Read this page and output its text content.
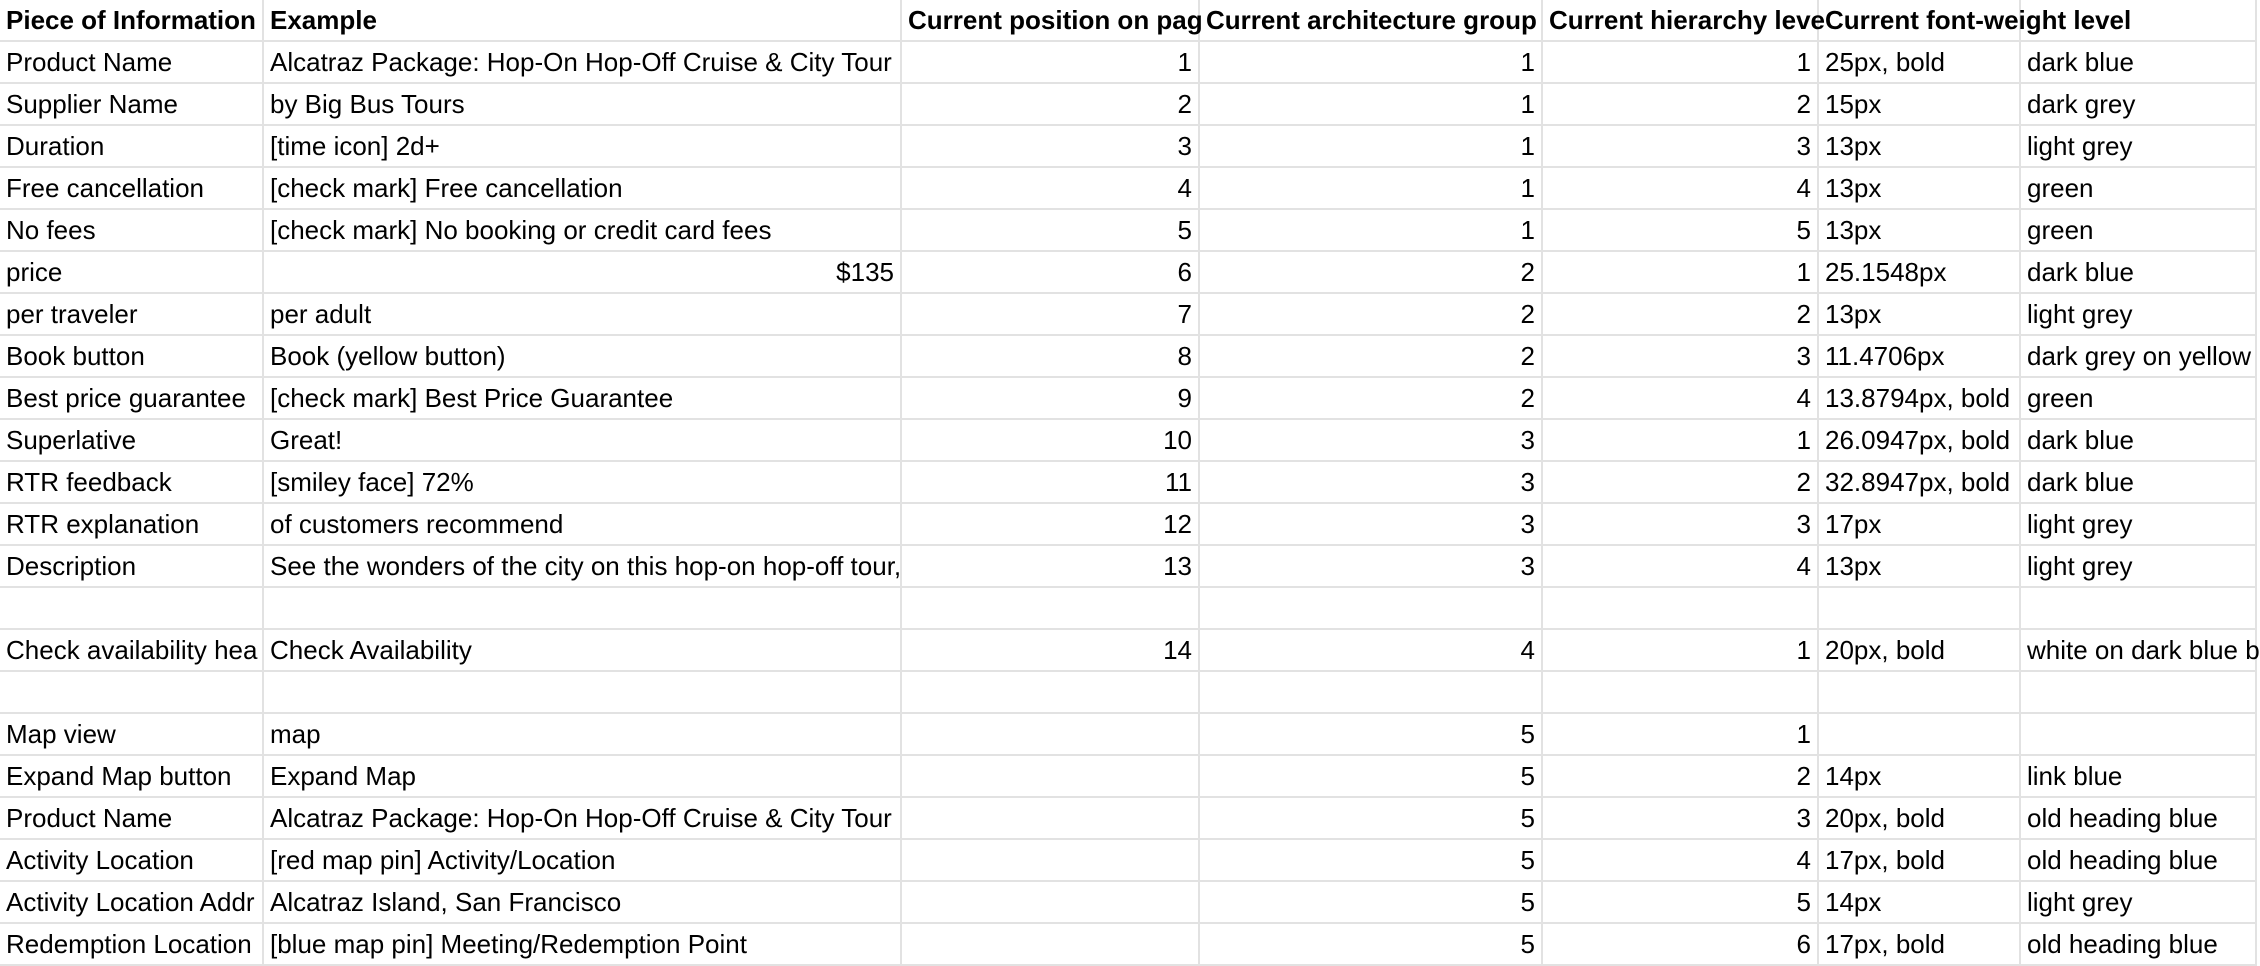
Piece of Information	Example	Current position on pag	Current architecture group	Current hierarchy leve	Current font-weight level		
Product Name	Alcatraz Package: Hop-On Hop-Off Cruise & City Tour	1	1	1	25px, bold	dark blue	
Supplier Name	by Big Bus Tours	2	1	2	15px	dark grey	
Duration	[time icon] 2d+	3	1	3	13px	light grey	
Free cancellation	[check mark] Free cancellation	4	1	4	13px	green	
No fees	[check mark] No booking or credit card fees	5	1	5	13px	green	
price	$135	6	2	1	25.1548px	dark blue	
per traveler	per adult	7	2	2	13px	light grey	
Book button	Book (yellow button)	8	2	3	11.4706px	dark grey on yellow	
Best price guarantee	[check mark] Best Price Guarantee	9	2	4	13.8794px, bold	green	
Superlative	Great!	10	3	1	26.0947px, bold	dark blue	
RTR feedback	[smiley face] 72%	11	3	2	32.8947px, bold	dark blue	
RTR explanation	of customers recommend	12	3	3	17px	light grey	
Description	See the wonders of the city on this hop-on hop-off tour,	13	3	4	13px	light grey	

Check availability hea	Check Availability	14	4	1	20px, bold	white on dark blue b	

Map view	map		5	1			
Expand Map button	Expand Map		5	2	14px	link blue	
Product Name	Alcatraz Package: Hop-On Hop-Off Cruise & City Tour		5	3	20px, bold	old heading blue	
Activity Location	[red map pin] Activity/Location		5	4	17px, bold	old heading blue	
Activity Location Addr	Alcatraz Island, San Francisco		5	5	14px	light grey	
Redemption Location	[blue map pin] Meeting/Redemption Point		5	6	17px, bold	old heading blue	
